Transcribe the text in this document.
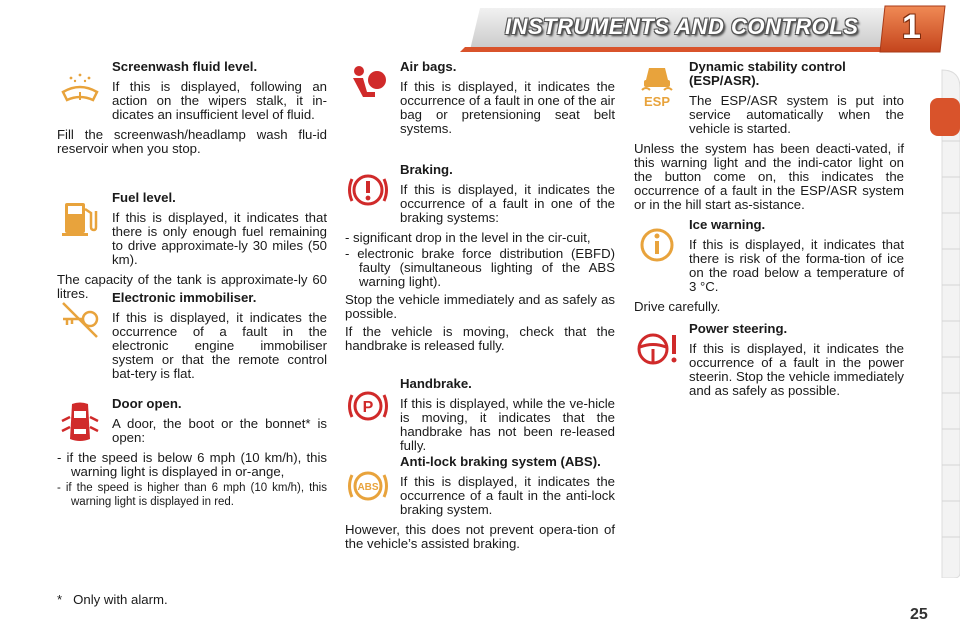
INSTRUMENTS AND CONTROLS 1
Screenwash fluid level.

If this is displayed, following an action on the wipers stalk, it in-dicates an insufficient level of fluid.

Fill the screenwash/headlamp wash flu-id reservoir when you stop.

Fuel level.

If this is displayed, it indicates that there is only enough fuel remaining to drive approximate-ly 30 miles (50 km).

The capacity of the tank is approximate-ly 60 litres.	Electronic immobiliser.

If this is displayed, it indicates the occurrence of a fault in the electronic engine immobiliser system or that the remote control bat-tery is flat.

Door open.

A door, the boot or the bonnet* is open:

- if the speed is below 6 mph (10 km/h), this warning light is displayed in or-ange,
- if the speed is higher than 6 mph (10 km/h), this warning light is displayed in red.
Air bags.

If this is displayed, it indicates the occurrence of a fault in one of the air bag or pretensioning seat belt systems.

Braking.

If this is displayed, it indicates the occurrence of a fault in one of the braking systems:

- significant drop in the level in the cir-cuit,
- electronic brake force distribution (EBFD) faulty (simultaneous lighting of the ABS warning light).

Stop the vehicle immediately and as safely as possible.

If the vehicle is moving, check that the handbrake is released fully.

P
Handbrake.

If this is displayed, while the ve-hicle is moving, it indicates that the handbrake has not been re-leased fully.

ABS
Anti-lock braking system (ABS).

If this is displayed, it indicates the occurrence of a fault in the anti-lock braking system.

However, this does not prevent opera-tion of the vehicle’s assisted braking.

ESP
Dynamic stability control (ESP/ASR).

The ESP/ASR system is put into service automatically when the vehicle is started.

Unless the system has been deacti-vated, if this warning light and the indi-cator light on the button come on, this indicates the occurrence of a fault in the ESP/ASR system or in the hill start as-sistance.

Ice warning.

If this is displayed, it indicates that there is risk of the forma-tion of ice on the road below a temperature of 3 °C.

Drive carefully.

Power steering.

If this is displayed, it indicates the occurrence of a fault in the power steerin. Stop the vehicle immediately and as safely as possible.

*   Only with alarm.
25
